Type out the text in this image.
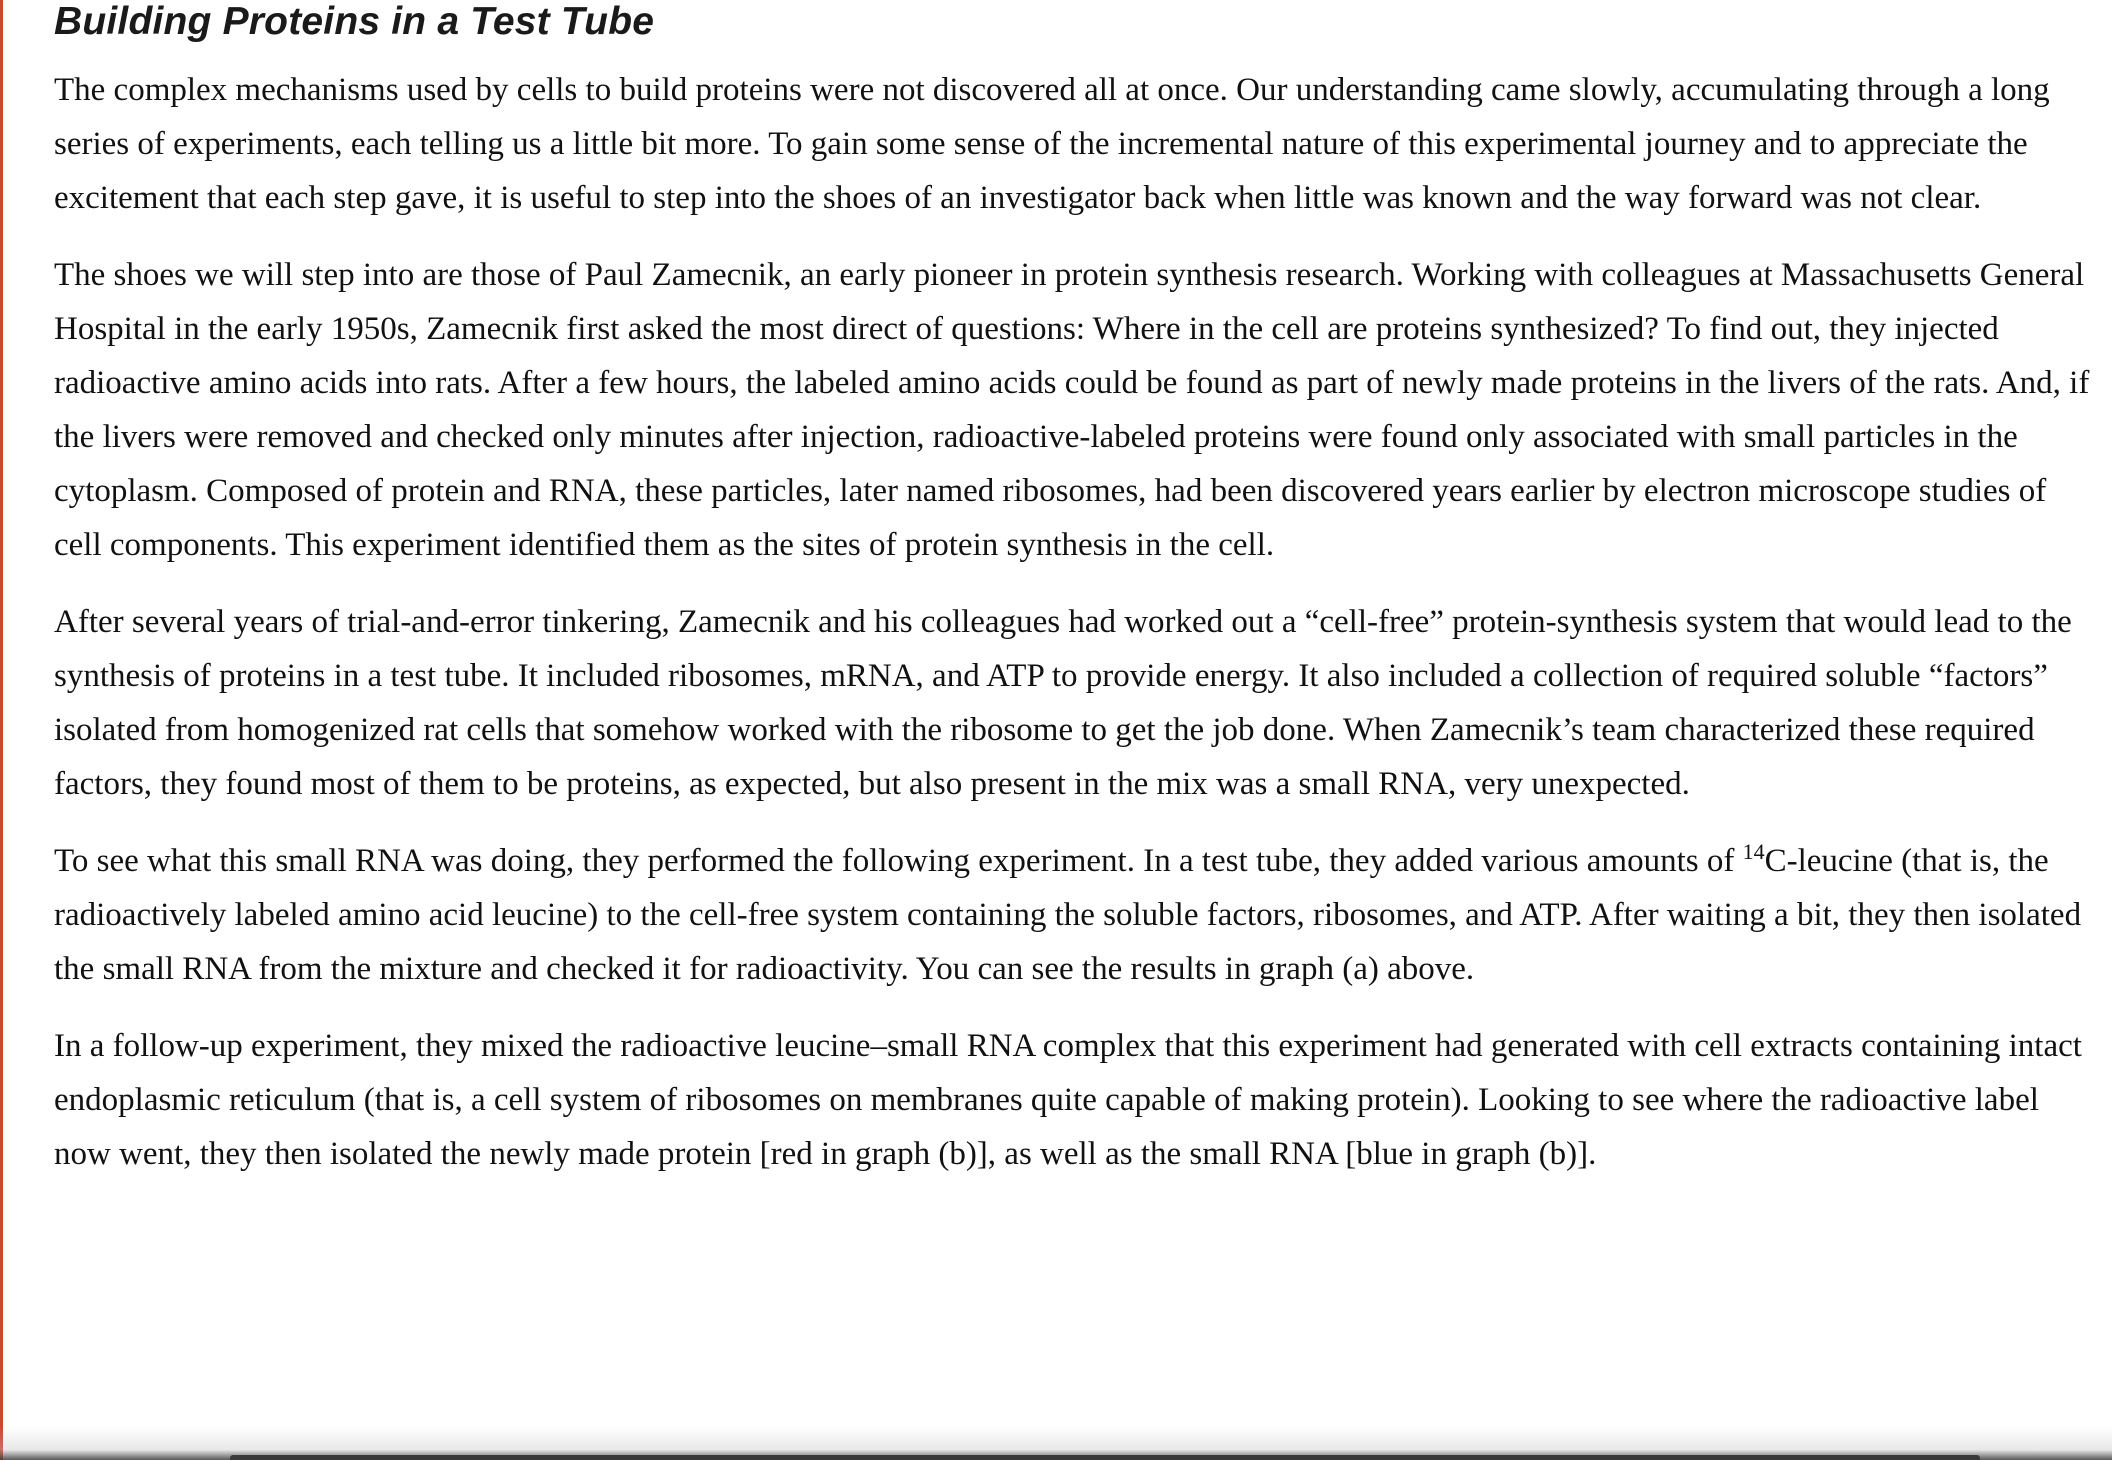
Building Proteins in a Test Tube

The complex mechanisms used by cells to build proteins were not discovered all at once. Our understanding came slowly, accumulating through a long series of experiments, each telling us a little bit more. To gain some sense of the incremental nature of this experimental journey and to appreciate the excitement that each step gave, it is useful to step into the shoes of an investigator back when little was known and the way forward was not clear.

The shoes we will step into are those of Paul Zamecnik, an early pioneer in protein synthesis research. Working with colleagues at Massachusetts General Hospital in the early 1950s, Zamecnik first asked the most direct of questions: Where in the cell are proteins synthesized? To find out, they injected radioactive amino acids into rats. After a few hours, the labeled amino acids could be found as part of newly made proteins in the livers of the rats. And, if the livers were removed and checked only minutes after injection, radioactive-labeled proteins were found only associated with small particles in the cytoplasm. Composed of protein and RNA, these particles, later named ribosomes, had been discovered years earlier by electron microscope studies of cell components. This experiment identified them as the sites of protein synthesis in the cell.

After several years of trial-and-error tinkering, Zamecnik and his colleagues had worked out a “cell-free” protein-synthesis system that would lead to the synthesis of proteins in a test tube. It included ribosomes, mRNA, and ATP to provide energy. It also included a collection of required soluble “factors” isolated from homogenized rat cells that somehow worked with the ribosome to get the job done. When Zamecnik’s team characterized these required factors, they found most of them to be proteins, as expected, but also present in the mix was a small RNA, very unexpected.

To see what this small RNA was doing, they performed the following experiment. In a test tube, they added various amounts of $^{14}$C-leucine (that is, the radioactively labeled amino acid leucine) to the cell-free system containing the soluble factors, ribosomes, and ATP. After waiting a bit, they then isolated the small RNA from the mixture and checked it for radioactivity. You can see the results in graph (a) above.

In a follow-up experiment, they mixed the radioactive leucine–small RNA complex that this experiment had generated with cell extracts containing intact endoplasmic reticulum (that is, a cell system of ribosomes on membranes quite capable of making protein). Looking to see where the radioactive label now went, they then isolated the newly made protein [red in graph (b)], as well as the small RNA [blue in graph (b)].
